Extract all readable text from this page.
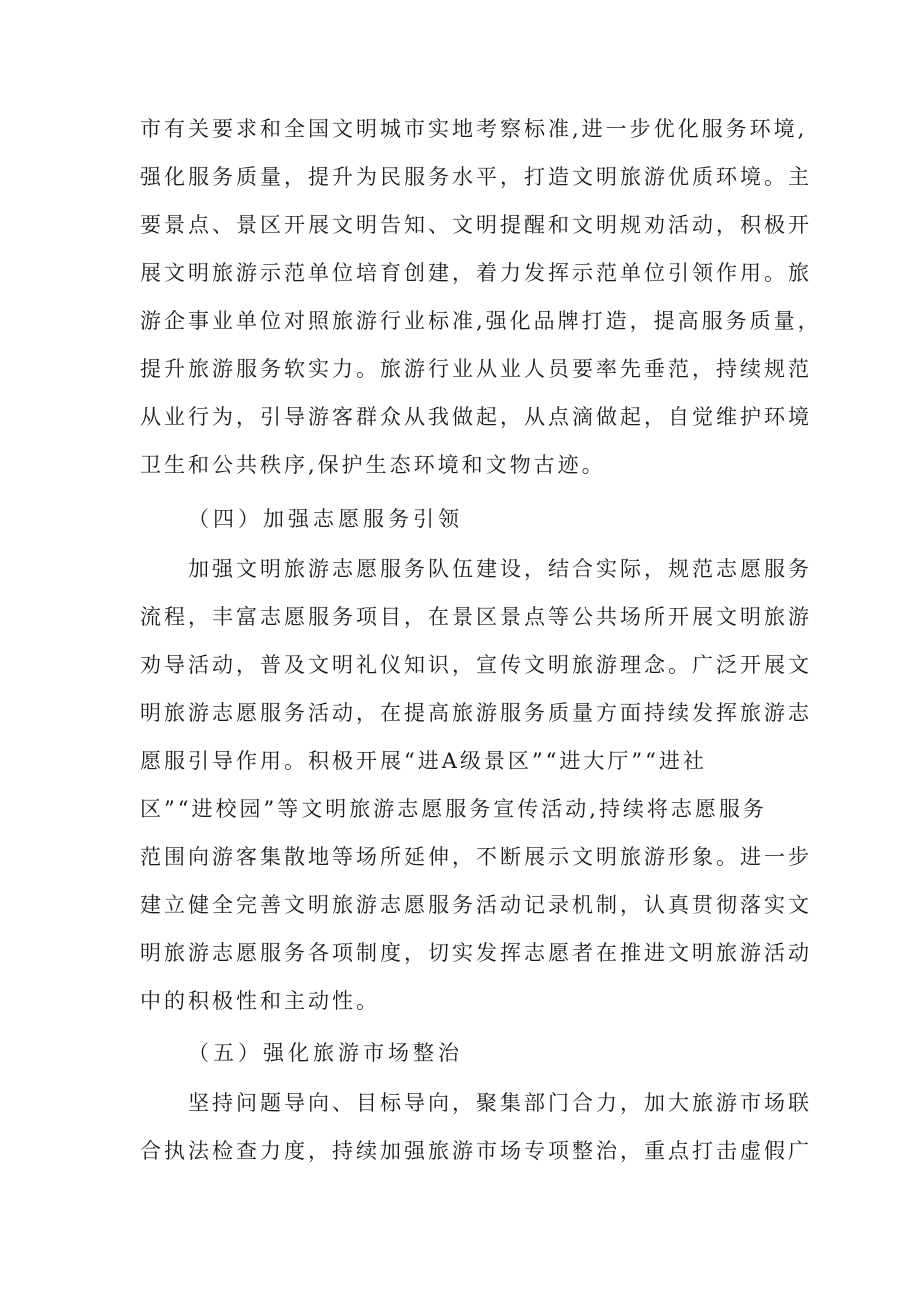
市有关要求和全国文明城市实地考察标准,进一步优化服务环境,
强化服务质量，提升为民服务水平，打造文明旅游优质环境。主
要景点、景区开展文明告知、文明提醒和文明规劝活动，积极开
展文明旅游示范单位培育创建，着力发挥示范单位引领作用。旅
游企事业单位对照旅游行业标准,强化品牌打造，提高服务质量，
提升旅游服务软实力。旅游行业从业人员要率先垂范，持续规范
从业行为，引导游客群众从我做起，从点滴做起，自觉维护环境
卫生和公共秩序,保护生态环境和文物古迹。
（四）加强志愿服务引领
加强文明旅游志愿服务队伍建设，结合实际，规范志愿服务
流程，丰富志愿服务项目，在景区景点等公共场所开展文明旅游
劝导活动，普及文明礼仪知识，宣传文明旅游理念。广泛开展文
明旅游志愿服务活动，在提高旅游服务质量方面持续发挥旅游志
愿服引导作用。积极开展“进A级景区”“进大厅”“进社
区”“进校园”等文明旅游志愿服务宣传活动,持续将志愿服务
范围向游客集散地等场所延伸，不断展示文明旅游形象。进一步
建立健全完善文明旅游志愿服务活动记录机制，认真贯彻落实文
明旅游志愿服务各项制度，切实发挥志愿者在推进文明旅游活动
中的积极性和主动性。
（五）强化旅游市场整治
坚持问题导向、目标导向，聚集部门合力，加大旅游市场联
合执法检查力度，持续加强旅游市场专项整治，重点打击虚假广
